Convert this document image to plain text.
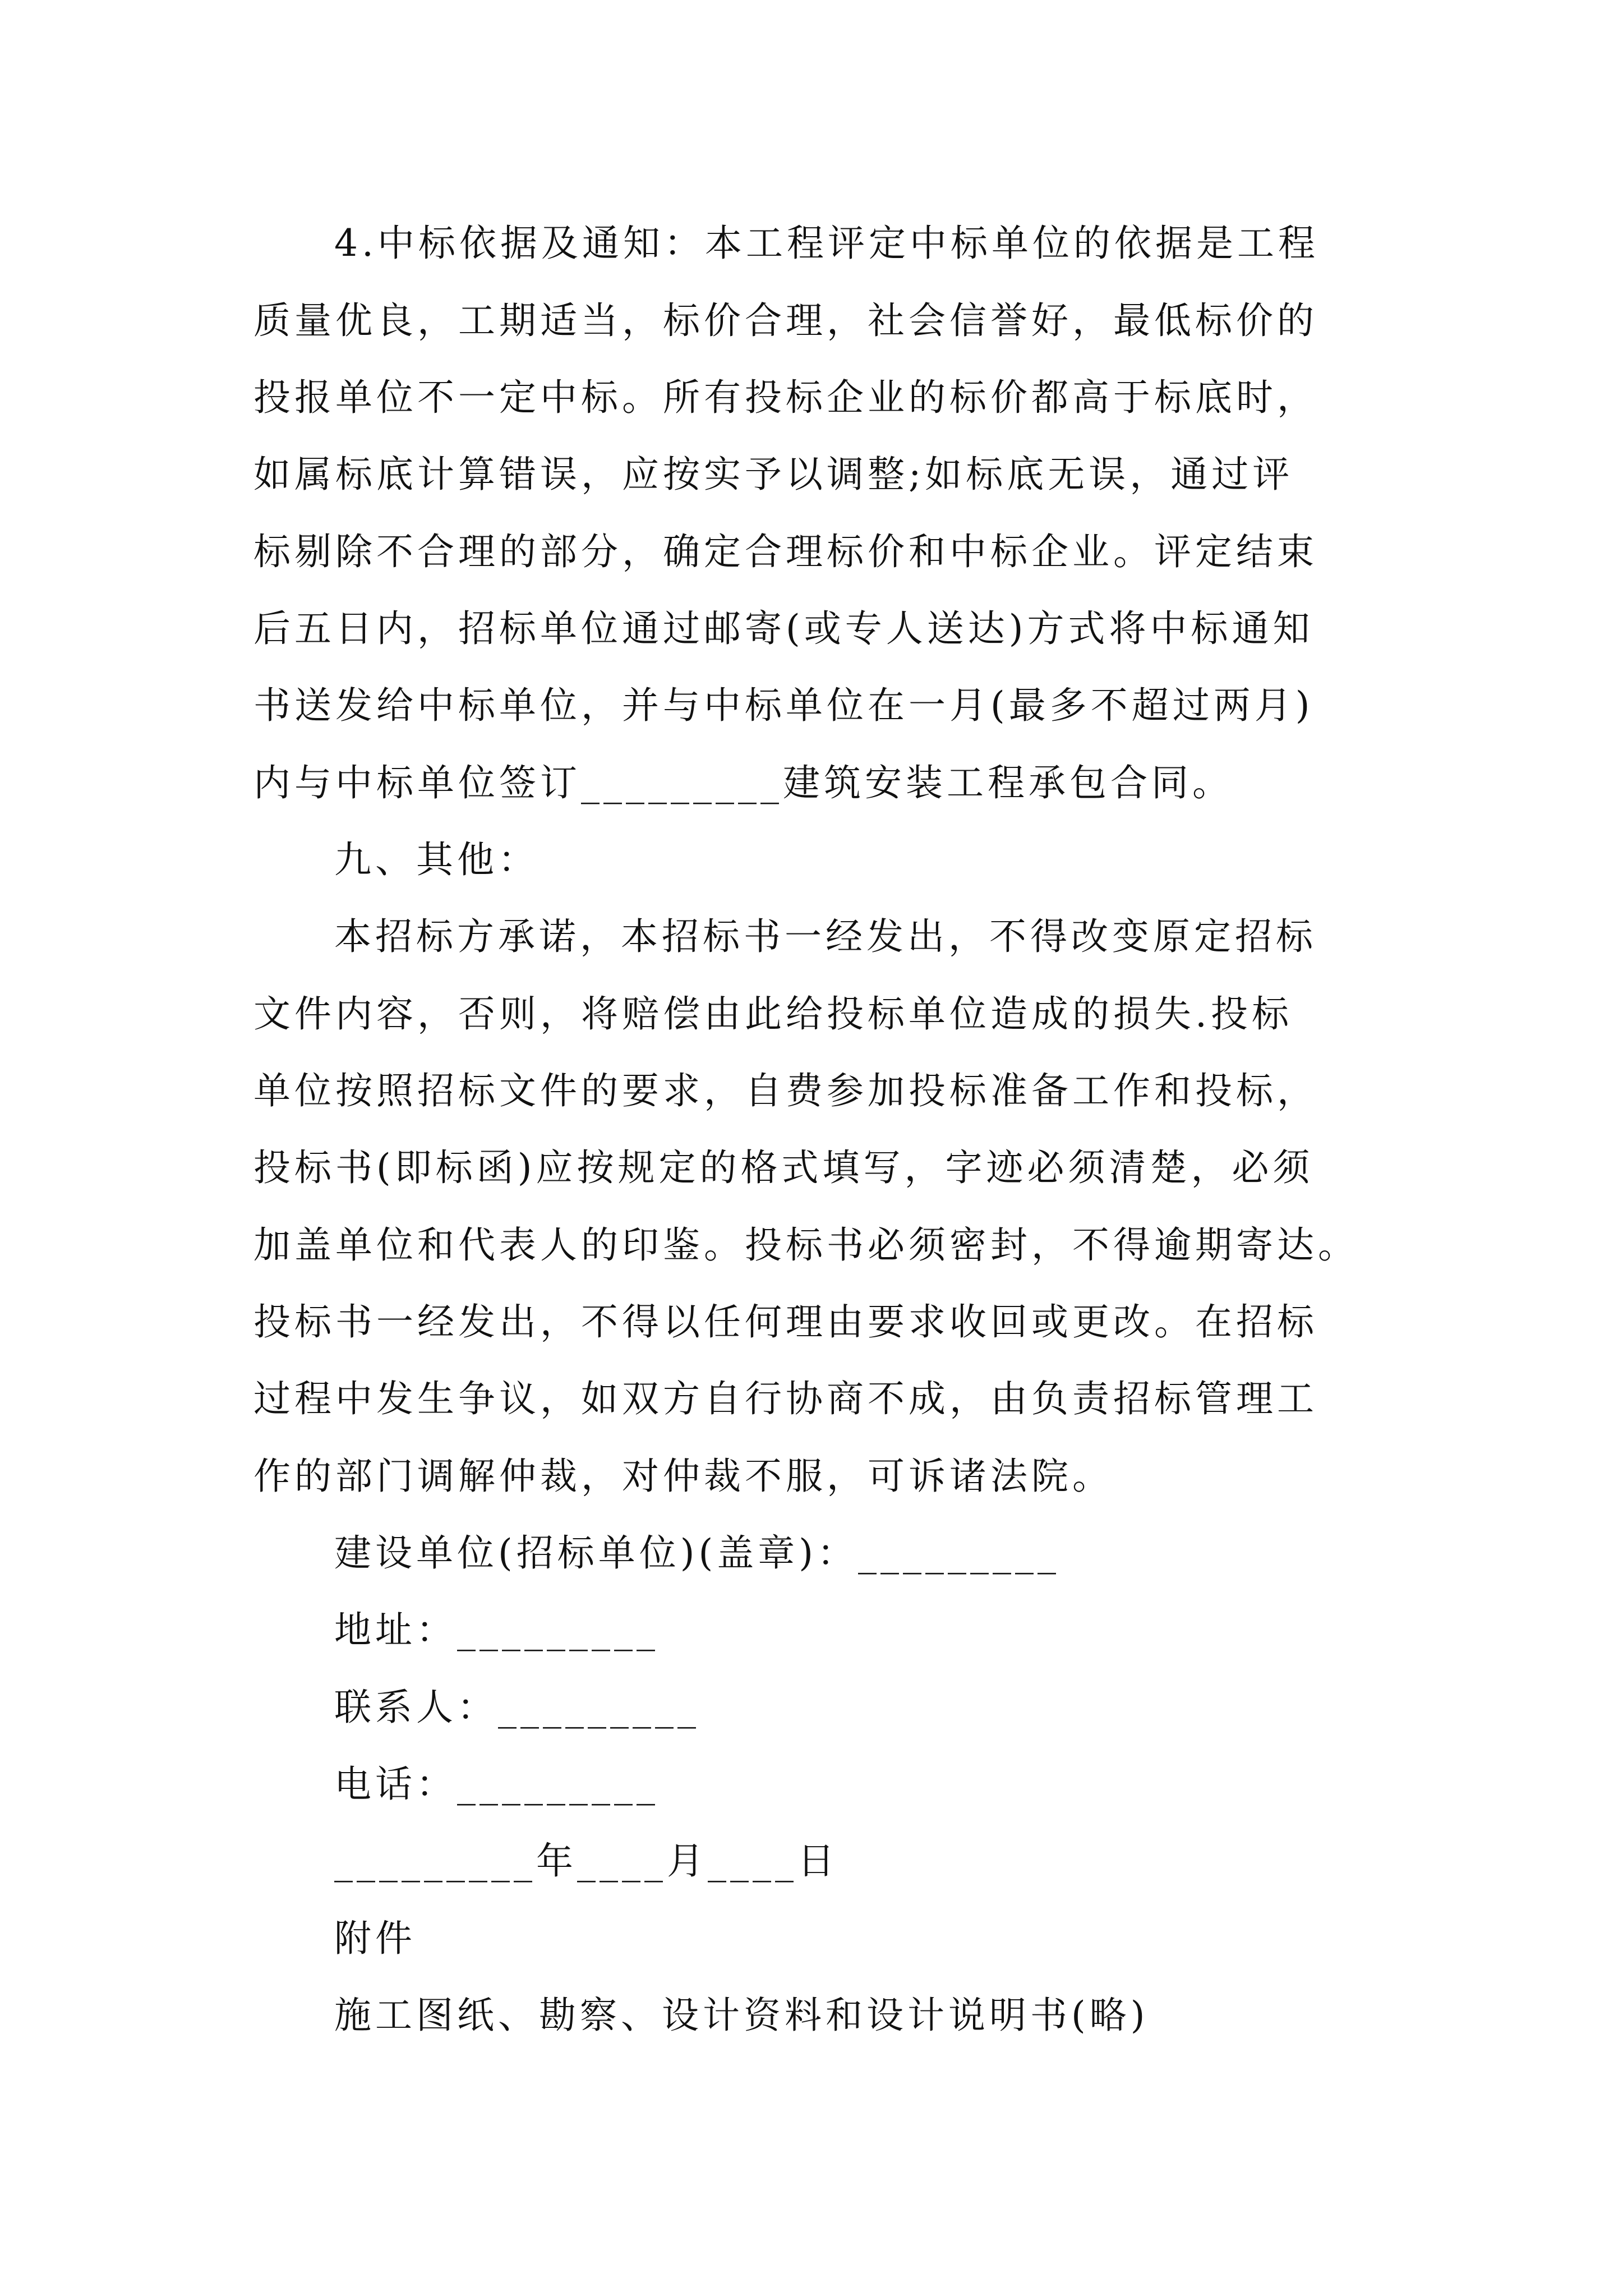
4.中标依据及通知：本工程评定中标单位的依据是工程
质量优良，工期适当，标价合理，社会信誉好，最低标价的
投报单位不一定中标。所有投标企业的标价都高于标底时，
如属标底计算错误，应按实予以调整;如标底无误，通过评
标剔除不合理的部分，确定合理标价和中标企业。评定结束
后五日内，招标单位通过邮寄(或专人送达)方式将中标通知
书送发给中标单位，并与中标单位在一月(最多不超过两月)
内与中标单位签订_________建筑安装工程承包合同。
九、其他：
本招标方承诺，本招标书一经发出，不得改变原定招标
文件内容，否则，将赔偿由此给投标单位造成的损失.投标
单位按照招标文件的要求，自费参加投标准备工作和投标，
投标书(即标函)应按规定的格式填写，字迹必须清楚，必须
加盖单位和代表人的印鉴。投标书必须密封，不得逾期寄达。
投标书一经发出，不得以任何理由要求收回或更改。在招标
过程中发生争议，如双方自行协商不成，由负责招标管理工
作的部门调解仲裁，对仲裁不服，可诉诸法院。
建设单位(招标单位)(盖章)：_________
地址：_________
联系人：_________
电话：_________
_________年____月____日
附件
施工图纸、勘察、设计资料和设计说明书(略)
